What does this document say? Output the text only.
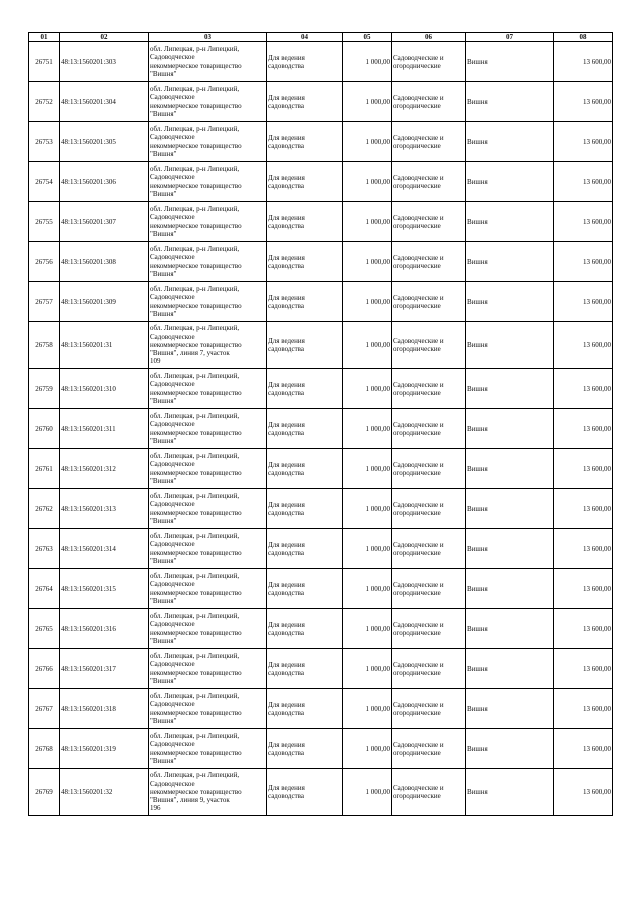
01	02	03	04	05	06	07	08
26751	48:13:1560201:303	обл. Липецкая, р-н Липецкий,
Садоводческое
некоммерческое товарищество
"Вишня"	Для ведения садоводства	1 000,00	Садоводческие и огороднические	Вишня	13 600,00
26752	48:13:1560201:304	обл. Липецкая, р-н Липецкий,
Садоводческое
некоммерческое товарищество
"Вишня"	Для ведения садоводства	1 000,00	Садоводческие и огороднические	Вишня	13 600,00
26753	48:13:1560201:305	обл. Липецкая, р-н Липецкий,
Садоводческое
некоммерческое товарищество
"Вишня"	Для ведения садоводства	1 000,00	Садоводческие и огороднические	Вишня	13 600,00
26754	48:13:1560201:306	обл. Липецкая, р-н Липецкий,
Садоводческое
некоммерческое товарищество
"Вишня"	Для ведения садоводства	1 000,00	Садоводческие и огороднические	Вишня	13 600,00
26755	48:13:1560201:307	обл. Липецкая, р-н Липецкий,
Садоводческое
некоммерческое товарищество
"Вишня"	Для ведения садоводства	1 000,00	Садоводческие и огороднические	Вишня	13 600,00
26756	48:13:1560201:308	обл. Липецкая, р-н Липецкий,
Садоводческое
некоммерческое товарищество
"Вишня"	Для ведения садоводства	1 000,00	Садоводческие и огороднические	Вишня	13 600,00
26757	48:13:1560201:309	обл. Липецкая, р-н Липецкий,
Садоводческое
некоммерческое товарищество
"Вишня"	Для ведения садоводства	1 000,00	Садоводческие и огороднические	Вишня	13 600,00
26758	48:13:1560201:31	обл. Липецкая, р-н Липецкий,
Садоводческое
некоммерческое товарищество
"Вишня", линия 7, участок
109	Для ведения садоводства	1 000,00	Садоводческие и огороднические	Вишня	13 600,00
26759	48:13:1560201:310	обл. Липецкая, р-н Липецкий,
Садоводческое
некоммерческое товарищество
"Вишня"	Для ведения садоводства	1 000,00	Садоводческие и огороднические	Вишня	13 600,00
26760	48:13:1560201:311	обл. Липецкая, р-н Липецкий,
Садоводческое
некоммерческое товарищество
"Вишня"	Для ведения садоводства	1 000,00	Садоводческие и огороднические	Вишня	13 600,00
26761	48:13:1560201:312	обл. Липецкая, р-н Липецкий,
Садоводческое
некоммерческое товарищество
"Вишня"	Для ведения садоводства	1 000,00	Садоводческие и огороднические	Вишня	13 600,00
26762	48:13:1560201:313	обл. Липецкая, р-н Липецкий,
Садоводческое
некоммерческое товарищество
"Вишня"	Для ведения садоводства	1 000,00	Садоводческие и огороднические	Вишня	13 600,00
26763	48:13:1560201:314	обл. Липецкая, р-н Липецкий,
Садоводческое
некоммерческое товарищество
"Вишня"	Для ведения садоводства	1 000,00	Садоводческие и огороднические	Вишня	13 600,00
26764	48:13:1560201:315	обл. Липецкая, р-н Липецкий,
Садоводческое
некоммерческое товарищество
"Вишня"	Для ведения садоводства	1 000,00	Садоводческие и огороднические	Вишня	13 600,00
26765	48:13:1560201:316	обл. Липецкая, р-н Липецкий,
Садоводческое
некоммерческое товарищество
"Вишня"	Для ведения садоводства	1 000,00	Садоводческие и огороднические	Вишня	13 600,00
26766	48:13:1560201:317	обл. Липецкая, р-н Липецкий,
Садоводческое
некоммерческое товарищество
"Вишня"	Для ведения садоводства	1 000,00	Садоводческие и огороднические	Вишня	13 600,00
26767	48:13:1560201:318	обл. Липецкая, р-н Липецкий,
Садоводческое
некоммерческое товарищество
"Вишня"	Для ведения садоводства	1 000,00	Садоводческие и огороднические	Вишня	13 600,00
26768	48:13:1560201:319	обл. Липецкая, р-н Липецкий,
Садоводческое
некоммерческое товарищество
"Вишня"	Для ведения садоводства	1 000,00	Садоводческие и огороднические	Вишня	13 600,00
26769	48:13:1560201:32	обл. Липецкая, р-н Липецкий,
Садоводческое
некоммерческое товарищество
"Вишня", линия 9, участок
196	Для ведения садоводства	1 000,00	Садоводческие и огороднические	Вишня	13 600,00
